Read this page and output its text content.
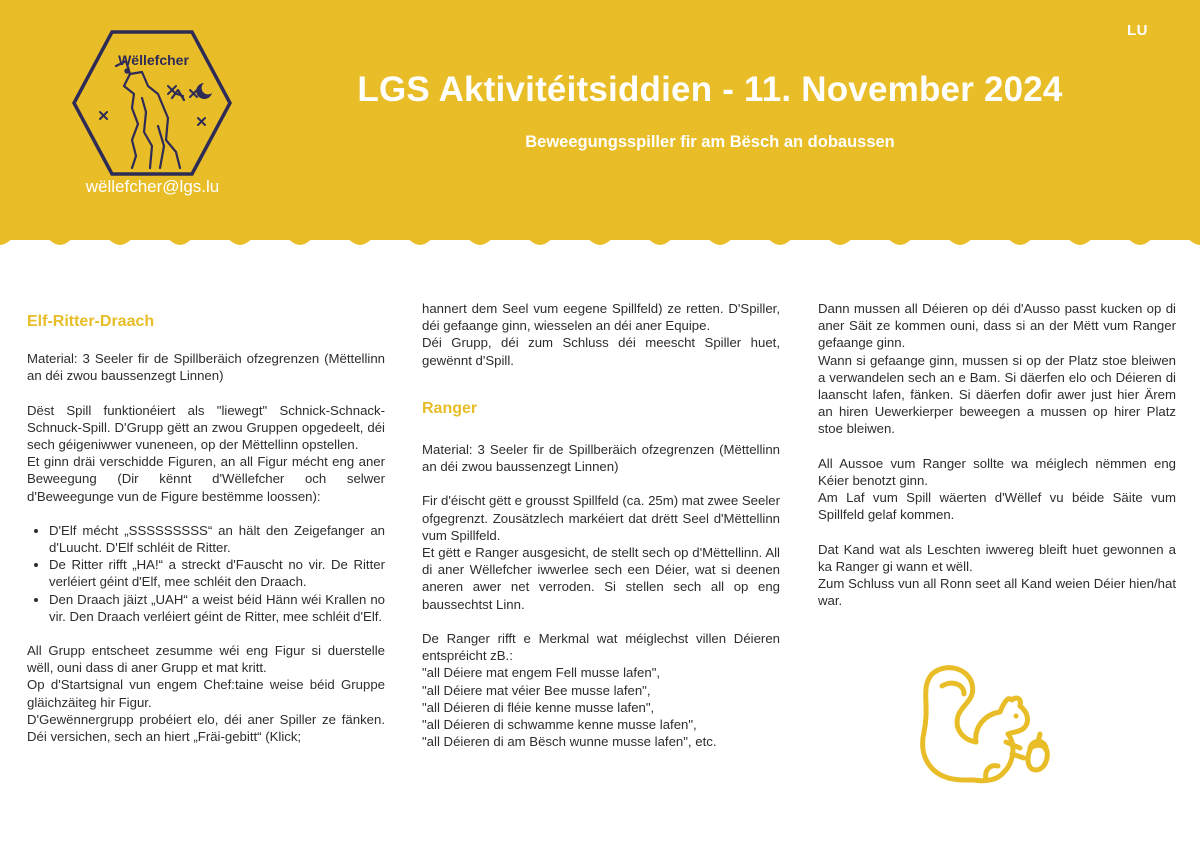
LU
Wëllefcher
wëllefcher@lgs.lu
LGS Aktivitéitsiddien - 11. November 2024
Beweegungsspiller fir am Bësch an dobaussen
Elf-Ritter-Draach

Material: 3 Seeler fir de Spillberäich ofzegrenzen (Mëttellinn an déi zwou baussenzegt Linnen)

Dëst Spill funktionéiert als "liewegt" Schnick-Schnack-Schnuck-Spill. D'Grupp gëtt an zwou Gruppen opgedeelt, déi sech géigeniwwer vuneneen, op der Mëttellinn opstellen.

Et ginn dräi verschidde Figuren, an all Figur mécht eng aner Beweegung (Dir kënnt d'Wëllefcher och selwer d'Beweegunge vun de Figure bestëmme loossen):

• D'Elf mécht „SSSSSSSSS“ an hält den Zeigefanger an d'Luucht. D'Elf schléit de Ritter.
• De Ritter rifft „HA!“ a streckt d'Fauscht no vir. De Ritter verléiert géint d'Elf, mee schléit den Draach.
• Den Draach jäizt „UAH“ a weist béid Hänn wéi Krallen no vir. Den Draach verléiert géint de Ritter, mee schléit d'Elf.

All Grupp entscheet zesumme wéi eng Figur si duerstelle wëll, ouni dass di aner Grupp et mat kritt.

Op d'Startsignal vun engem Chef:taine weise béid Gruppe gläichzäiteg hir Figur.

D'Gewënnergrupp probéiert elo, déi aner Spiller ze fänken. Déi versichen, sech an hiert „Fräi-gebitt“ (Klick;

hannert dem Seel vum eegene Spillfeld) ze retten. D'Spiller, déi gefaange ginn, wiesselen an déi aner Equipe.

Déi Grupp, déi zum Schluss déi meescht Spiller huet, gewënnt d'Spill.

Ranger

Material: 3 Seeler fir de Spillberäich ofzegrenzen (Mëttellinn an déi zwou baussenzegt Linnen)

Fir d'éischt gëtt e grousst Spillfeld (ca. 25m) mat zwee Seeler ofgegrenzt. Zousätzlech markéiert dat drëtt Seel d'Mëttellinn vum Spillfeld.

Et gëtt e Ranger ausgesicht, de stellt sech op d'Mëttellinn. All di aner Wëllefcher iwwerlee sech een Déier, wat si deenen aneren awer net verroden. Si stellen sech all op eng baussechtst Linn.

De Ranger rifft e Merkmal wat méiglechst villen Déieren entspréicht zB.:

"all Déiere mat engem Fell musse lafen",

"all Déiere mat véier Bee musse lafen",

"all Déieren di fléie kenne musse lafen",

"all Déieren di schwamme kenne musse lafen",

"all Déieren di am Bësch wunne musse lafen", etc.

Dann mussen all Déieren op déi d'Ausso passt kucken op di aner Säit ze kommen ouni, dass si an der Mëtt vum Ranger gefaange ginn.

Wann si gefaange ginn, mussen si op der Platz stoe bleiwen a verwandelen sech an e Bam. Si däerfen elo och Déieren di laanscht lafen, fänken. Si däerfen dofir awer just hier Ärem an hiren Uewerkierper beweegen a mussen op hirer Platz stoe bleiwen.

All Aussoe vum Ranger sollte wa méiglech nëmmen eng Kéier benotzt ginn.

Am Laf vum Spill wäerten d'Wëllef vu béide Säite vum Spillfeld gelaf kommen.

Dat Kand wat als Leschten iwwereg bleift huet gewonnen a ka Ranger gi wann et wëll.

Zum Schluss vun all Ronn seet all Kand weien Déier hien/hat war.
